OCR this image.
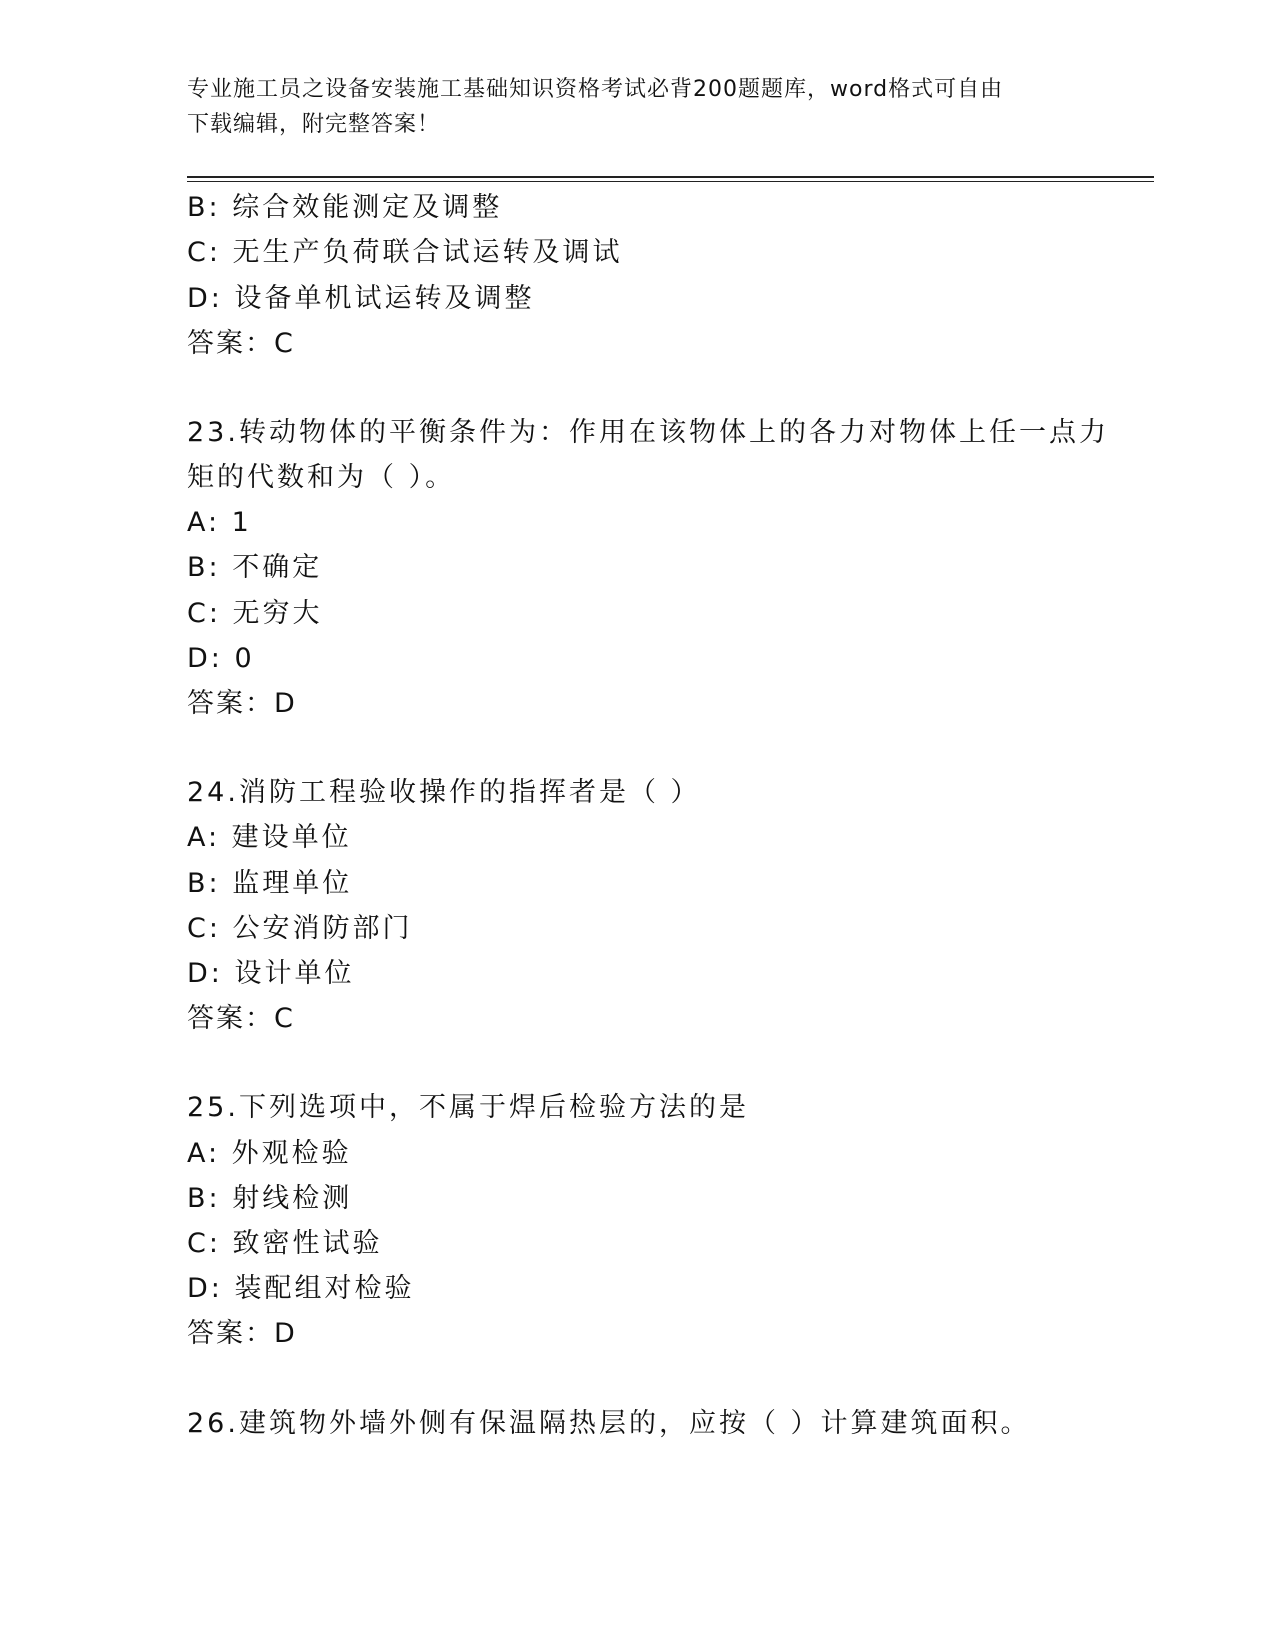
专业施工员之设备安装施工基础知识资格考试必背200题题库，word格式可自由
下载编辑，附完整答案！
B: 综合效能测定及调整
C: 无生产负荷联合试运转及调试
D: 设备单机试运转及调整
答案：C
23.转动物体的平衡条件为：作用在该物体上的各力对物体上任一点力
矩的代数和为（ ）。
A: 1
B: 不确定
C: 无穷大
D: 0
答案：D
24.消防工程验收操作的指挥者是（ ）
A: 建设单位
B: 监理单位
C: 公安消防部门
D: 设计单位
答案：C
25.下列选项中，不属于焊后检验方法的是
A: 外观检验
B: 射线检测
C: 致密性试验
D: 装配组对检验
答案：D
26.建筑物外墙外侧有保温隔热层的，应按（ ）计算建筑面积。
